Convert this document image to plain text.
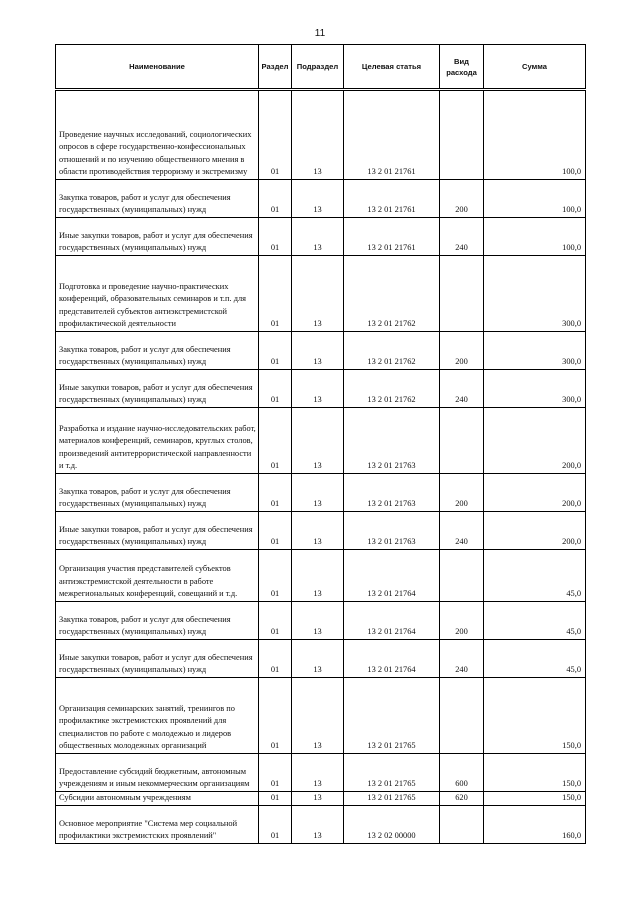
11
Наименование	Раздел	Подраздел	Целевая статья	Вид расхода	Сумма
Проведение научных исследований, социологических опросов в сфере государственно-конфессиональных отношений и по изучению общественного мнения в области противодействия терроризму и экстремизму	01	13	13 2 01 21761		100,0
Закупка товаров, работ и услуг для обеспечения государственных (муниципальных) нужд	01	13	13 2 01 21761	200	100,0
Иные закупки товаров, работ и услуг для обеспечения государственных (муниципальных) нужд	01	13	13 2 01 21761	240	100,0
Подготовка и проведение научно-практических конференций, образовательных семинаров и т.п. для представителей субъектов антиэкстремистской профилактической деятельности	01	13	13 2 01 21762		300,0
Закупка товаров, работ и услуг для обеспечения государственных (муниципальных) нужд	01	13	13 2 01 21762	200	300,0
Иные закупки товаров, работ и услуг для обеспечения государственных (муниципальных) нужд	01	13	13 2 01 21762	240	300,0
Разработка и издание научно-исследовательских работ, материалов конференций, семинаров, круглых столов, произведений антитеррористической направленности и т.д.	01	13	13 2 01 21763		200,0
Закупка товаров, работ и услуг для обеспечения государственных (муниципальных) нужд	01	13	13 2 01 21763	200	200,0
Иные закупки товаров, работ и услуг для обеспечения государственных (муниципальных) нужд	01	13	13 2 01 21763	240	200,0
Организация участия представителей субъектов антиэкстремистской деятельности в работе межрегиональных конференций, совещаний и т.д.	01	13	13 2 01 21764		45,0
Закупка товаров, работ и услуг для обеспечения государственных (муниципальных) нужд	01	13	13 2 01 21764	200	45,0
Иные закупки товаров, работ и услуг для обеспечения государственных (муниципальных) нужд	01	13	13 2 01 21764	240	45,0
Организация семинарских занятий, тренингов по профилактике экстремистских проявлений для специалистов по работе с молодежью и лидеров общественных молодежных организаций	01	13	13 2 01 21765		150,0
Предоставление субсидий бюджетным, автономным учреждениям и иным некоммерческим организациям	01	13	13 2 01 21765	600	150,0
Субсидии автономным учреждениям	01	13	13 2 01 21765	620	150,0
Основное мероприятие "Система мер социальной профилактики экстремистских проявлений"	01	13	13 2 02 00000		160,0
